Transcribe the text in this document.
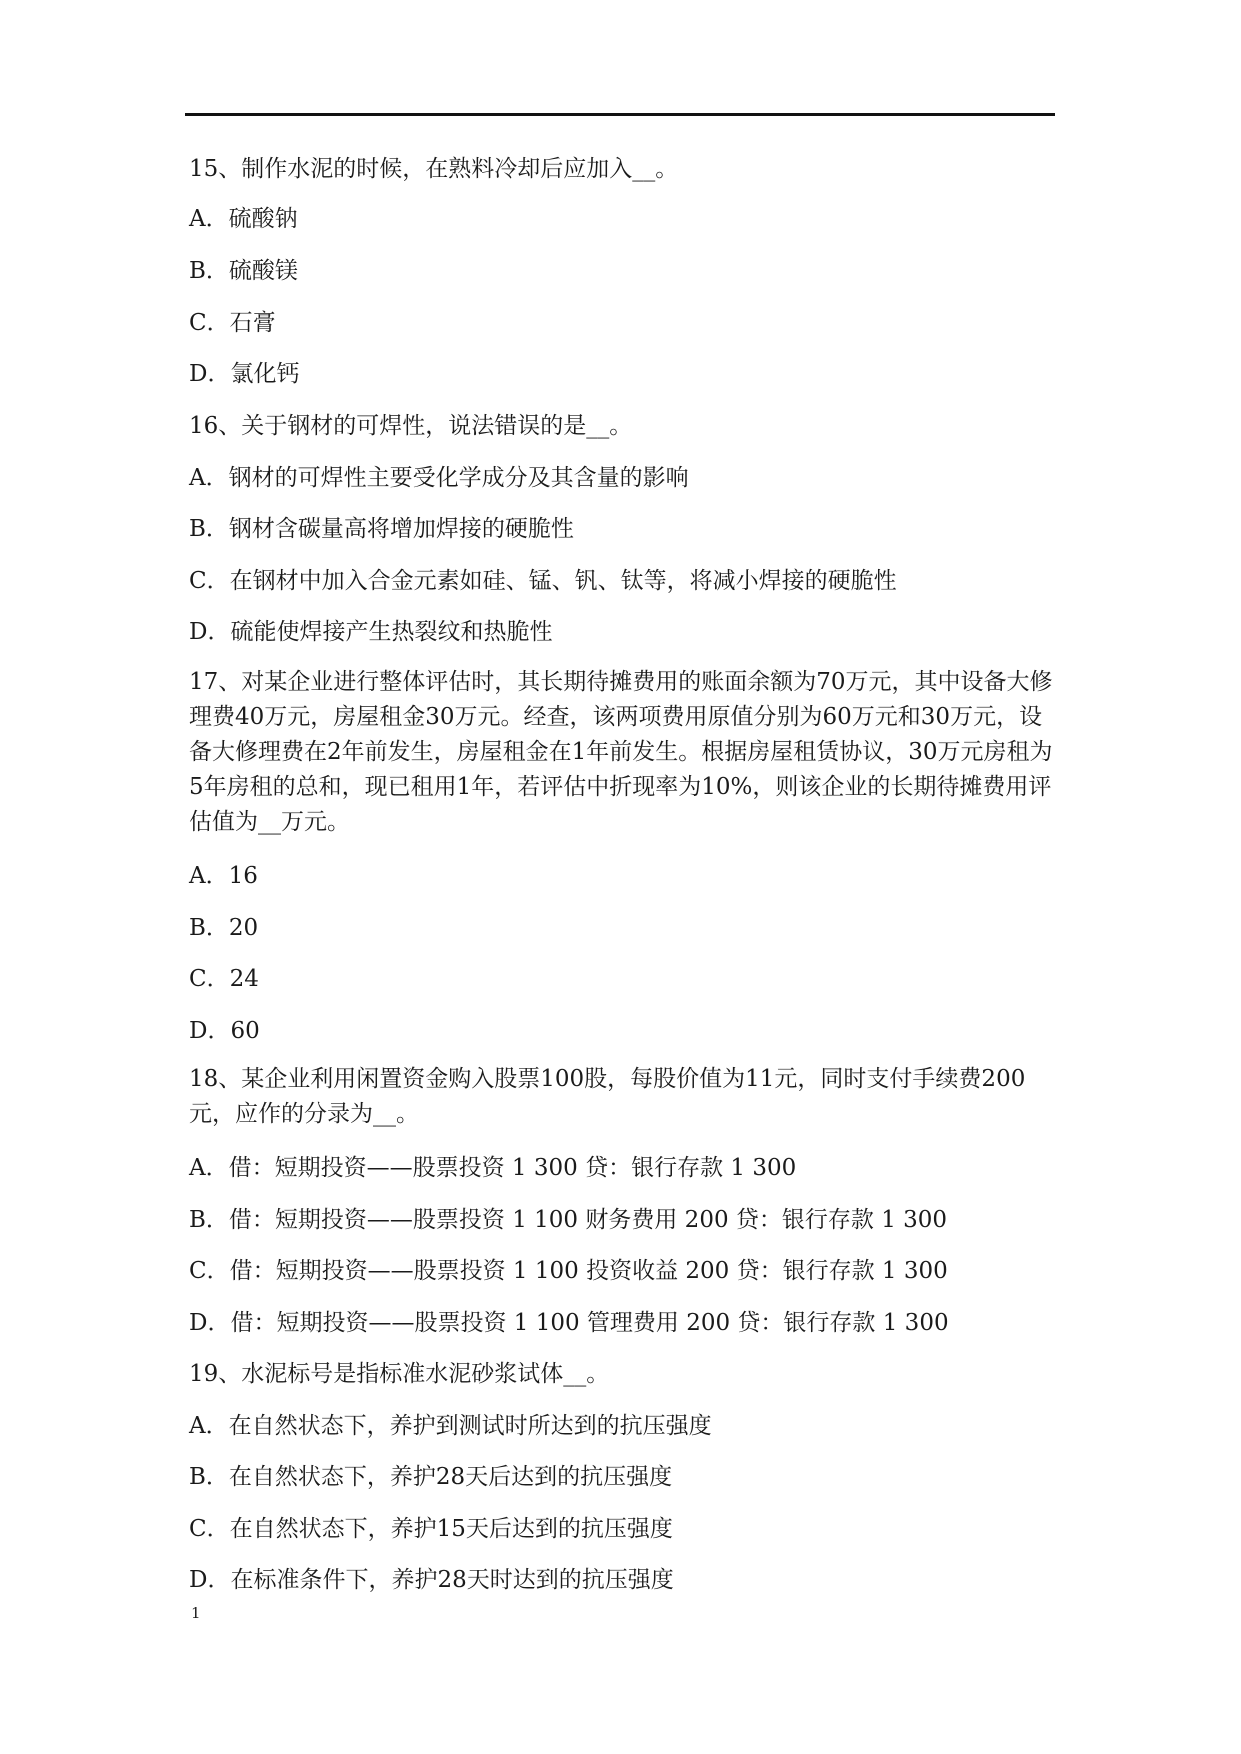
15、制作水泥的时候，在熟料冷却后应加入__。
A．硫酸钠
B．硫酸镁
C．石膏
D．氯化钙
16、关于钢材的可焊性，说法错误的是__。
A．钢材的可焊性主要受化学成分及其含量的影响
B．钢材含碳量高将增加焊接的硬脆性
C．在钢材中加入合金元素如硅、锰、钒、钛等，将减小焊接的硬脆性
D．硫能使焊接产生热裂纹和热脆性
17、对某企业进行整体评估时，其长期待摊费用的账面余额为70万元，其中设备大修理费40万元，房屋租金30万元。经查，该两项费用原值分别为60万元和30万元，设备大修理费在2年前发生，房屋租金在1年前发生。根据房屋租赁协议，30万元房租为5年房租的总和，现已租用1年，若评估中折现率为10%，则该企业的长期待摊费用评估值为__万元。
A．16
B．20
C．24
D．60
18、某企业利用闲置资金购入股票100股，每股价值为11元，同时支付手续费200元，应作的分录为__。
A．借：短期投资——股票投资 1 300 贷：银行存款 1 300
B．借：短期投资——股票投资 1 100 财务费用 200 贷：银行存款 1 300
C．借：短期投资——股票投资 1 100 投资收益 200 贷：银行存款 1 300
D．借：短期投资——股票投资 1 100 管理费用 200 贷：银行存款 1 300
19、水泥标号是指标准水泥砂浆试体__。
A．在自然状态下，养护到测试时所达到的抗压强度
B．在自然状态下，养护28天后达到的抗压强度
C．在自然状态下，养护15天后达到的抗压强度
D．在标准条件下，养护28天时达到的抗压强度
1
